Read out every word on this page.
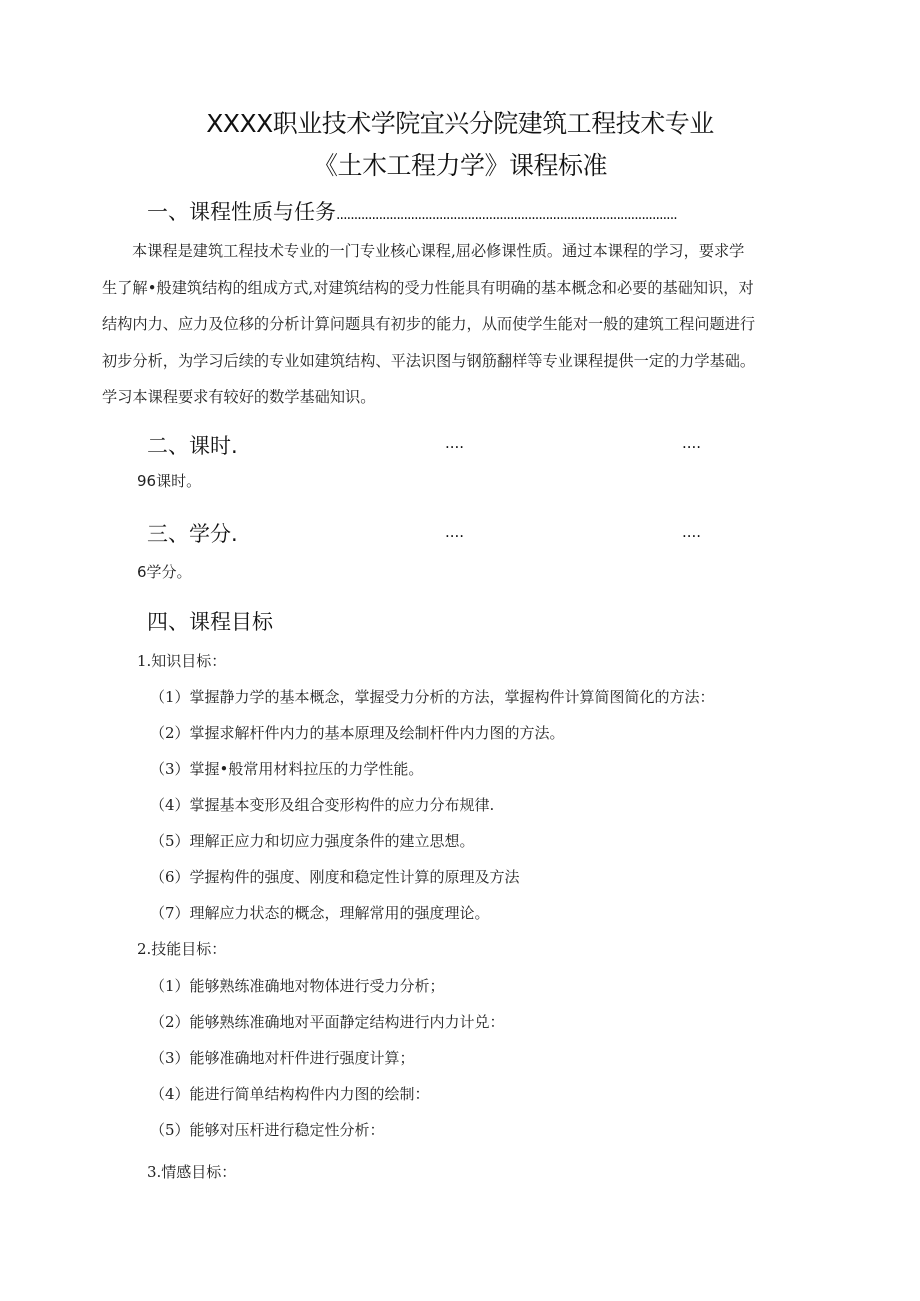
XXXX职业技术学院宜兴分院建筑工程技术专业
《土木工程力学》课程标准
一、课程性质与任务................................................................................................
本课程是建筑工程技术专业的一门专业核心课程,屈必修课性质。通过本课程的学习，要求学
生了解•般建筑结构的组成方式,对建筑结构的受力性能具有明确的基本概念和必要的基础知识，对
结构内力、应力及位移的分析计算问题具有初步的能力，从而使学生能对一般的建筑工程问题进行
初步分析，为学习后续的专业如建筑结构、平法识图与钢筋翻样等专业课程提供一定的力学基础。
学习本课程要求有较好的数学基础知识。
二、课时.	....	....
96课时。
三、学分.	....	....
6学分。
四、课程目标
1.知识目标：
（1）掌握静力学的基本概念，掌握受力分析的方法，掌握构件计算简图简化的方法：
（2）掌握求解杆件内力的基本原理及绘制杆件内力图的方法。
（3）掌握•般常用材料拉压的力学性能。
（4）掌握基本变形及组合变形构件的应力分布规律.
（5）理解正应力和切应力强度条件的建立思想。
（6）学握构件的强度、刚度和稳定性计算的原理及方法
（7）理解应力状态的概念，理解常用的强度理论。
2.技能目标：
（1）能够熟练准确地对物体进行受力分析；
（2）能够熟练准确地对平面静定结构进行内力计兑：
（3）能够准确地对杆件进行强度计算；
（4）能进行简单结构构件内力图的绘制：
（5）能够对压杆进行稳定性分析：
3.情感目标：
